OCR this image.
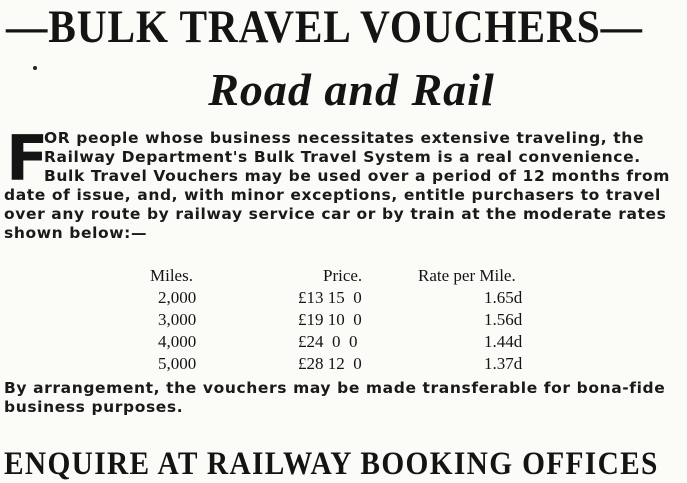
—BULK TRAVEL VOUCHERS—
Road and Rail
F
OR people whose business necessitates extensive traveling, the
Railway Department's Bulk Travel System is a real convenience.
Bulk Travel Vouchers may be used over a period of 12 months from
date of issue, and, with minor exceptions, entitle purchasers to travel over any route by railway service car or by train at the moderate rates shown below:—
Miles.	Price.	Rate per Mile.
2,000	£13 15  0	1.65d
3,000	£19 10  0	1.56d
4,000	£24  0  0	1.44d
5,000	£28 12  0	1.37d
By arrangement, the vouchers may be made transferable for bona-fide business purposes.
ENQUIRE AT RAILWAY BOOKING OFFICES
